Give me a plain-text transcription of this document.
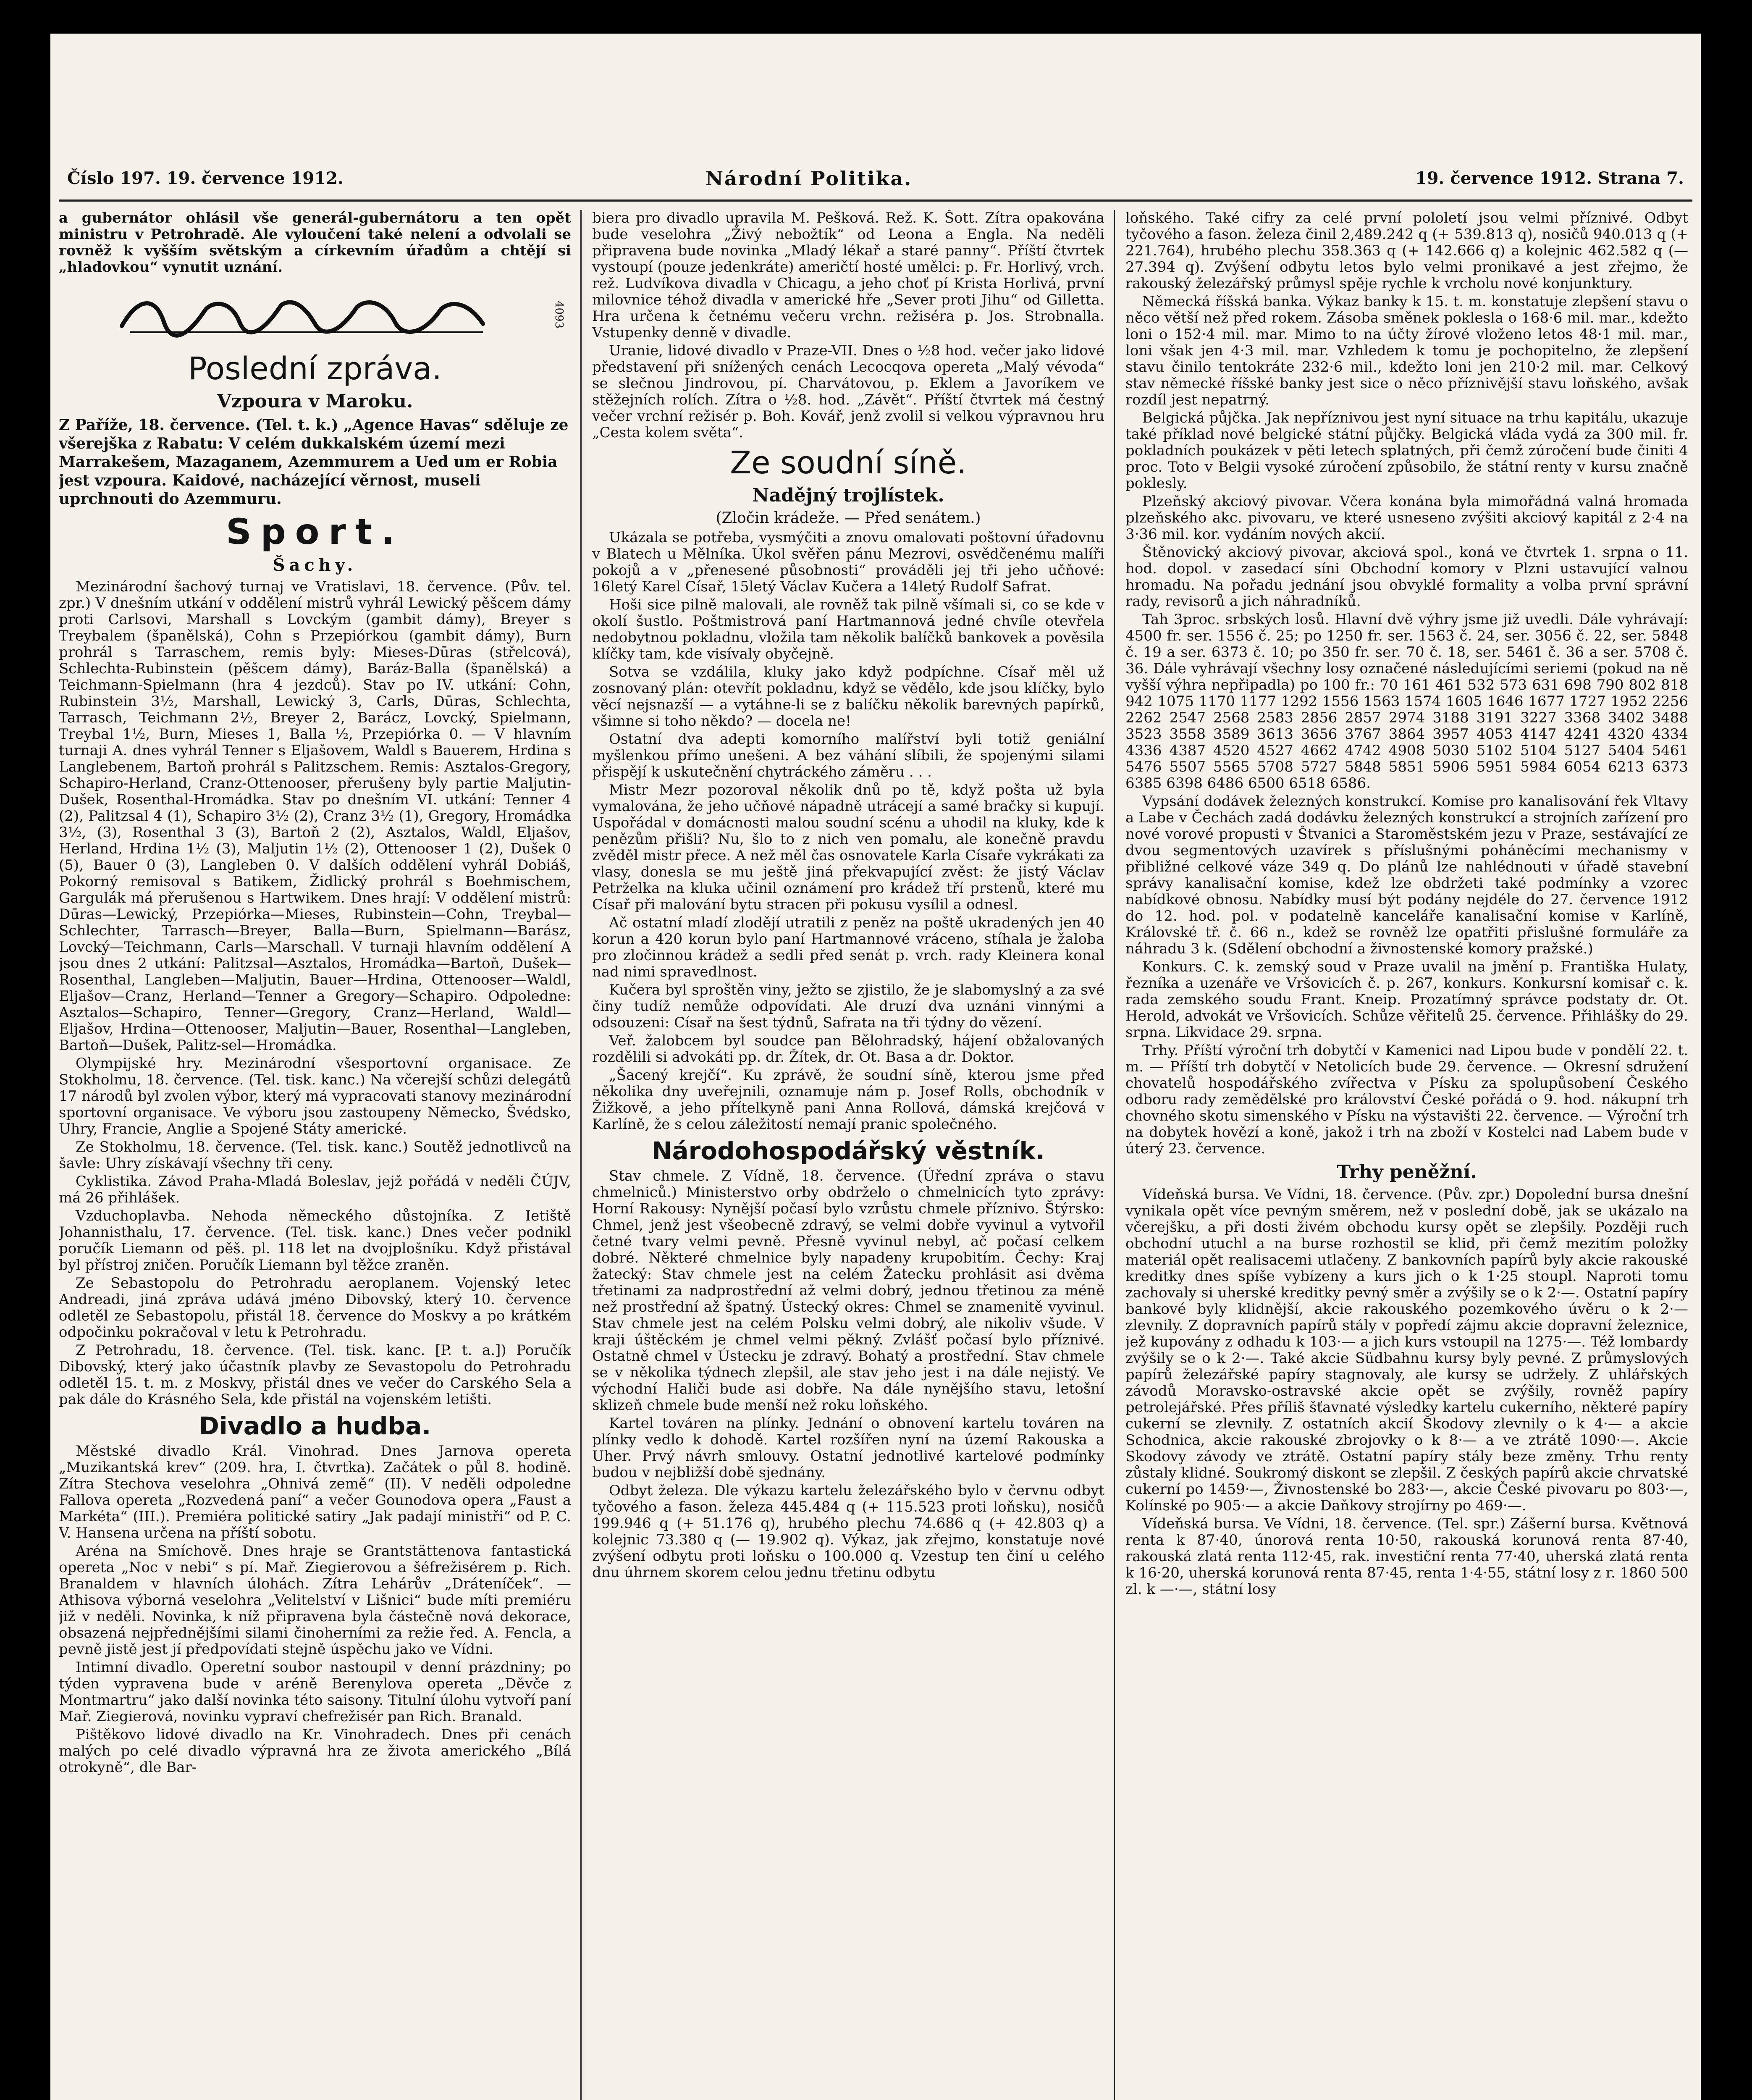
Číslo 197. 19. července 1912.	Národní Politika.	19. července 1912. Strana 7.

a gubernátor ohlásil vše generál-gubernátoru a ten opět ministru v Petrohradě. Ale vyloučení také nelení a odvolali se rovněž k vyšším světským a církevním úřadům a chtějí si „hladovkou“ vynutit uznání.

4093
Poslední zpráva.
Vzpoura v Maroku.

Z Paříže, 18. července. (Tel. t. k.) „Agence Havas“ sděluje ze všerejška z Rabatu: V celém dukkalském území mezi Marrakešem, Mazaganem, Azemmurem a Ued um er Robia jest vzpoura. Kaidové, nacházející věrnost, museli uprchnouti do Azemmuru.

Sport.
Šachy.

Mezinárodní šachový turnaj ve Vratislavi, 18. července. (Pův. tel. zpr.) V dnešním utkání v oddělení mistrů vyhrál Lewický pěšcem dámy proti Carlsovi, Marshall s Lovckým (gambit dámy), Breyer s Treybalem (španělská), Cohn s Przepiórkou (gambit dámy), Burn prohrál s Tarraschem, remis byly: Mieses-Dūras (střelcová), Schlechta-Rubinstein (pěšcem dámy), Baráz-Balla (španělská) a Teichmann-Spielmann (hra 4 jezdců). Stav po IV. utkání: Cohn, Rubinstein 3½, Marshall, Lewický 3, Carls, Dūras, Schlechta, Tarrasch, Teichmann 2½, Breyer 2, Barácz, Lovcký, Spielmann, Treybal 1½, Burn, Mieses 1, Balla ½, Przepiórka 0. — V hlavním turnaji A. dnes vyhrál Tenner s Eljašovem, Waldl s Bauerem, Hrdina s Langlebenem, Bartoň prohrál s Palitzschem. Remis: Asztalos-Gregory, Schapiro-Herland, Cranz-Ottenooser, přerušeny byly partie Maljutin-Dušek, Rosenthal-Hromádka. Stav po dnešním VI. utkání: Tenner 4 (2), Palitzsal 4 (1), Schapiro 3½ (2), Cranz 3½ (1), Gregory, Hromádka 3½, (3), Rosenthal 3 (3), Bartoň 2 (2), Asztalos, Waldl, Eljašov, Herland, Hrdina 1½ (3), Maljutin 1½ (2), Ottenooser 1 (2), Dušek 0 (5), Bauer 0 (3), Langleben 0. V dalších oddělení vyhrál Dobiáš, Pokorný remisoval s Batikem, Židlický prohrál s Boehmischem, Gargulák má přerušenou s Hartwikem. Dnes hrají: V oddělení mistrů: Dūras—Lewický, Przepiórka—Mieses, Rubinstein—Cohn, Treybal—Schlechter, Tarrasch—Breyer, Balla—Burn, Spielmann—Barász, Lovcký—Teichmann, Carls—Marschall. V turnaji hlavním oddělení A jsou dnes 2 utkání: Palitzsal—Asztalos, Hromádka—Bartoň, Dušek—Rosenthal, Langleben—Maljutin, Bauer—Hrdina, Ottenooser—Waldl, Eljašov—Cranz, Herland—Tenner a Gregory—Schapiro. Odpoledne: Asztalos—Schapiro, Tenner—Gregory, Cranz—Herland, Waldl—Eljašov, Hrdina—Ottenooser, Maljutin—Bauer, Rosenthal—Langleben, Bartoň—Dušek, Palitz-sel—Hromádka.

Olympijské hry. Mezinárodní všesportovní organisace. Ze Stokholmu, 18. července. (Tel. tisk. kanc.) Na včerejší schůzi delegátů 17 národů byl zvolen výbor, který má vypracovati stanovy mezinárodní sportovní organisace. Ve výboru jsou zastoupeny Německo, Švédsko, Uhry, Francie, Anglie a Spojené Státy americké.

Ze Stokholmu, 18. července. (Tel. tisk. kanc.) Soutěž jednotlivců na šavle: Uhry získávají všechny tři ceny.

Cyklistika. Závod Praha-Mladá Boleslav, jejž pořádá v neděli ČÚJV, má 26 přihlášek.

Vzduchoplavba. Nehoda německého důstojníka. Z Ietiště Johannisthalu, 17. července. (Tel. tisk. kanc.) Dnes večer podnikl poručík Liemann od pěš. pl. 118 let na dvojplošníku. Když přistával byl přístroj zničen. Poručík Liemann byl těžce zraněn.

Ze Sebastopolu do Petrohradu aeroplanem. Vojenský letec Andreadi, jiná zpráva udává jméno Dibovský, který 10. července odletěl ze Sebastopolu, přistál 18. července do Moskvy a po krátkém odpočinku pokračoval v letu k Petrohradu.

Z Petrohradu, 18. července. (Tel. tisk. kanc. [P. t. a.]) Poručík Dibovský, který jako účastník plavby ze Sevastopolu do Petrohradu odletěl 15. t. m. z Moskvy, přistál dnes ve večer do Carského Sela a pak dále do Krásného Sela, kde přistál na vojenském letišti.

Divadlo a hudba.

Městské divadlo Král. Vinohrad. Dnes Jarnova opereta „Muzikantská krev“ (209. hra, I. čtvrtka). Začátek o půl 8. hodině. Zítra Stechova veselohra „Ohnivá země“ (II). V neděli odpoledne Fallova opereta „Rozvedená paní“ a večer Gounodova opera „Faust a Markéta“ (III.). Premiéra politické satiry „Jak padají ministři“ od P. C. V. Hansena určena na příští sobotu.

Aréna na Smíchově. Dnes hraje se Grantstättenova fantastická opereta „Noc v nebi“ s pí. Mař. Ziegierovou a šéfrežisérem p. Rich. Branaldem v hlavních úlohách. Zítra Lehárův „Dráteníček“. — Athisova výborná veselohra „Velitelství v Lišnici“ bude míti premiéru již v neděli. Novinka, k níž připravena byla částečně nová dekorace, obsazená nejpřednějšími silami činoherními za režie řed. A. Fencla, a pevně jistě jest jí předpovídati stejně úspěchu jako ve Vídni.

Intimní divadlo. Operetní soubor nastoupil v denní prázdniny; po týden vypravena bude v aréně Berenylova opereta „Děvče z Montmartru“ jako další novinka této saisony. Titulní úlohu vytvoří paní Mař. Ziegierová, novinku vypraví chefrežisér pan Rich. Branald.

Pištěkovo lidové divadlo na Kr. Vinohradech. Dnes při cenách malých po celé divadlo výpravná hra ze života amerického „Bílá otrokyně“, dle Bar-

biera pro divadlo upravila M. Pešková. Rež. K. Šott. Zítra opakována bude veselohra „Živý nebožtík“ od Leona a Engla. Na neděli připravena bude novinka „Mladý lékař a staré panny“. Příští čtvrtek vystoupí (pouze jedenkráte) američtí hosté umělci: p. Fr. Horlivý, vrch. rež. Ludvíkova divadla v Chicagu, a jeho choť pí Krista Horlivá, první milovnice téhož divadla v americké hře „Sever proti Jihu“ od Gilletta. Hra určena k četnému večeru vrchn. režiséra p. Jos. Strobnalla. Vstupenky denně v divadle.

Uranie, lidové divadlo v Praze-VII. Dnes o ½8 hod. večer jako lidové představení při snížených cenách Lecocqova opereta „Malý vévoda“ se slečnou Jindrovou, pí. Charvátovou, p. Eklem a Javoríkem ve stěžejních rolích. Zítra o ½8. hod. „Závět“. Příští čtvrtek má čestný večer vrchní režisér p. Boh. Kovář, jenž zvolil si velkou výpravnou hru „Cesta kolem světa“.

Ze soudní síně.
Nadějný trojlístek.
(Zločin krádeže. — Před senátem.)

Ukázala se potřeba, vysmýčiti a znovu omalovati poštovní úřadovnu v Blatech u Mělníka. Úkol svěřen pánu Mezrovi, osvědčenému malíři pokojů a v „přenesené působnosti“ prováděli jej tři jeho učňové: 16letý Karel Císař, 15letý Václav Kučera a 14letý Rudolf Safrat.

Hoši sice pilně malovali, ale rovněž tak pilně všímali si, co se kde v okolí šustlo. Poštmistrová paní Hartmannová jedné chvíle otevřela nedobytnou pokladnu, vložila tam několik balíčků bankovek a pověsila klíčky tam, kde visívaly obyčejně.

Sotva se vzdálila, kluky jako když podpíchne. Císař měl už zosnovaný plán: otevřít pokladnu, když se vědělo, kde jsou klíčky, bylo věcí nejsnazší — a vytáhne-li se z balíčku několik barevných papírků, všimne si toho někdo? — docela ne!

Ostatní dva adepti komorního malířství byli totiž geniální myšlenkou přímo unešeni. A bez váhání slíbili, že spojenými silami přispějí k uskutečnění chytráckého záměru . . .

Mistr Mezr pozoroval několik dnů po tě, když pošta už byla vymalována, že jeho učňové nápadně utrácejí a samé bračky si kupují. Uspořádal v domácnosti malou soudní scénu a uhodil na kluky, kde k penězům přišli? Nu, šlo to z nich ven pomalu, ale konečně pravdu zvěděl mistr přece. A než měl čas osnovatele Karla Císaře vykrákati za vlasy, donesla se mu ještě jiná překvapující zvěst: že jistý Václav Petrželka na kluka učinil oznámení pro krádež tří prstenů, které mu Císař při malování bytu stracen při pokusu vysílil a odnesl.

Ač ostatní mladí zlodějí utratili z peněz na poště ukradených jen 40 korun a 420 korun bylo paní Hartmannové vráceno, stíhala je žaloba pro zločinnou krádež a sedli před senát p. vrch. rady Kleinera konal nad nimi spravedlnost.

Kučera byl sproštěn viny, ježto se zjistilo, že je slabomyslný a za své činy tudíž nemůže odpovídati. Ale druzí dva uznáni vinnými a odsouzeni: Císař na šest týdnů, Safrata na tři týdny do vězení.

Veř. žalobcem byl soudce pan Bělohradský, hájení obžalovaných rozdělili si advokáti pp. dr. Žítek, dr. Ot. Basa a dr. Doktor.

„Šacený krejčí“. Ku zprávě, že soudní síně, kterou jsme před několika dny uveřejnili, oznamuje nám p. Josef Rolls, obchodník v Žižkově, a jeho přítelkyně pani Anna Rollová, dámská krejčová v Karlíně, že s celou záležitostí nemají pranic společného.

Národohospodářský věstník.

Stav chmele. Z Vídně, 18. července. (Úřední zpráva o stavu chmelniců.) Ministerstvo orby obdrželo o chmelnicích tyto zprávy: Horní Rakousy: Nynější počasí bylo vzrůstu chmele příznivo. Štýrsko: Chmel, jenž jest všeobecně zdravý, se velmi dobře vyvinul a vytvořil četné tvary velmi pevně. Přesně vyvinul nebyl, ač počasí celkem dobré. Některé chmelnice byly napadeny krupobitím. Čechy: Kraj žatecký: Stav chmele jest na celém Žatecku prohlásit asi dvěma třetinami za nadprostřední až velmi dobrý, jednou třetinou za méně než prostřední až špatný. Ústecký okres: Chmel se znamenitě vyvinul. Stav chmele jest na celém Polsku velmi dobrý, ale nikoliv všude. V kraji úštěckém je chmel velmi pěkný. Zvlášť počasí bylo příznivé. Ostatně chmel v Ústecku je zdravý. Bohatý a prostřední. Stav chmele se v několika týdnech zlepšil, ale stav jeho jest i na dále nejistý. Ve východní Haliči bude asi dobře. Na dále nynějšího stavu, letošní sklizeň chmele bude menší než roku loňského.

Kartel továren na plínky. Jednání o obnovení kartelu továren na plínky vedlo k dohodě. Kartel rozšířen nyní na území Rakouska a Uher. Prvý návrh smlouvy. Ostatní jednotlivé kartelové podmínky budou v nejbližší době sjednány.

Odbyt železa. Dle výkazu kartelu železářského bylo v červnu odbyt tyčového a fason. železa 445.484 q (+ 115.523 proti loňsku), nosičů 199.946 q (+ 51.176 q), hrubého plechu 74.686 q (+ 42.803 q) a kolejnic 73.380 q (— 19.902 q). Výkaz, jak zřejmo, konstatuje nové zvýšení odbytu proti loňsku o 100.000 q. Vzestup ten činí u celého dnu úhrnem skorem celou jednu třetinu odbytu

loňského. Také cifry za celé první pololetí jsou velmi příznivé. Odbyt tyčového a fason. železa činil 2,489.242 q (+ 539.813 q), nosičů 940.013 q (+ 221.764), hrubého plechu 358.363 q (+ 142.666 q) a kolejnic 462.582 q (— 27.394 q). Zvýšení odbytu letos bylo velmi pronikavé a jest zřejmo, že rakouský železářský průmysl spěje rychle k vrcholu nové konjunktury.

Německá říšská banka. Výkaz banky k 15. t. m. konstatuje zlepšení stavu o něco větší než před rokem. Zásoba směnek poklesla o 168·6 mil. mar., kdežto loni o 152·4 mil. mar. Mimo to na účty žírové vloženo letos 48·1 mil. mar., loni však jen 4·3 mil. mar. Vzhledem k tomu je pochopitelno, že zlepšení stavu činilo tentokráte 232·6 mil., kdežto loni jen 210·2 mil. mar. Celkový stav německé říšské banky jest sice o něco příznivější stavu loňského, avšak rozdíl jest nepatrný.

Belgická půjčka. Jak nepříznivou jest nyní situace na trhu kapitálu, ukazuje také příklad nové belgické státní půjčky. Belgická vláda vydá za 300 mil. fr. pokladních poukázek v pěti letech splatných, při čemž zúročení bude činiti 4 proc. Toto v Belgii vysoké zúročení způsobilo, že státní renty v kursu značně poklesly.

Plzeňský akciový pivovar. Včera konána byla mimořádná valná hromada plzeňského akc. pivovaru, ve které usneseno zvýšiti akciový kapitál z 2·4 na 3·36 mil. kor. vydáním nových akcií.

Štěnovický akciový pivovar, akciová spol., koná ve čtvrtek 1. srpna o 11. hod. dopol. v zasedací síni Obchodní komory v Plzni ustavující valnou hromadu. Na pořadu jednání jsou obvyklé formality a volba první správní rady, revisorů a jich náhradníků.

Tah 3proc. srbských losů. Hlavní dvě výhry jsme již uvedli. Dále vyhrávají: 4500 fr. ser. 1556 č. 25; po 1250 fr. ser. 1563 č. 24, ser. 3056 č. 22, ser. 5848 č. 19 a ser. 6373 č. 10; po 350 fr. ser. 70 č. 18, ser. 5461 č. 36 a ser. 5708 č. 36. Dále vyhrávají všechny losy označené následujícími seriemi (pokud na ně vyšší výhra nepřipadla) po 100 fr.: 70 161 461 532 573 631 698 790 802 818 942 1075 1170 1177 1292 1556 1563 1574 1605 1646 1677 1727 1952 2256 2262 2547 2568 2583 2856 2857 2974 3188 3191 3227 3368 3402 3488 3523 3558 3589 3613 3656 3767 3864 3957 4053 4147 4241 4320 4334 4336 4387 4520 4527 4662 4742 4908 5030 5102 5104 5127 5404 5461 5476 5507 5565 5708 5727 5848 5851 5906 5951 5984 6054 6213 6373 6385 6398 6486 6500 6518 6586.

Vypsání dodávek železných konstrukcí. Komise pro kanalisování řek Vltavy a Labe v Čechách zadá dodávku železných konstrukcí a strojních zařízení pro nové vorové propusti v Štvanici a Staroměstském jezu v Praze, sestávající ze dvou segmentových uzavírek s příslušnými poháněcími mechanismy v přibližné celkové váze 349 q. Do plánů lze nahlédnouti v úřadě stavební správy kanalisační komise, kdež lze obdržeti také podmínky a vzorec nabídkové obnosu. Nabídky musí být podány nejdéle do 27. července 1912 do 12. hod. pol. v podatelně kanceláře kanalisační komise v Karlíně, Královské tř. č. 66 n., kdež se rovněž lze opatřiti přislušné formuláře za náhradu 3 k. (Sdělení obchodní a živnostenské komory pražské.)

Konkurs. C. k. zemský soud v Praze uvalil na jmění p. Františka Hulaty, řezníka a uzenáře ve Vršovicích č. p. 267, konkurs. Konkursní komisař c. k. rada zemského soudu Frant. Kneip. Prozatímný správce podstaty dr. Ot. Herold, advokát ve Vršovicích. Schůze věřitelů 25. července. Přihlášky do 29. srpna. Likvidace 29. srpna.

Trhy. Příští výroční trh dobytčí v Kamenici nad Lipou bude v pondělí 22. t. m. — Příští trh dobytčí v Netolicích bude 29. července. — Okresní sdružení chovatelů hospodářského zvířectva v Písku za spolupůsobení Českého odboru rady zemědělské pro království České pořádá o 9. hod. nákupní trh chovného skotu simenského v Písku na výstavišti 22. července. — Výroční trh na dobytek hovězí a koně, jakož i trh na zboží v Kostelci nad Labem bude v úterý 23. července.

Trhy peněžní.

Vídeňská bursa. Ve Vídni, 18. července. (Pův. zpr.) Dopolední bursa dnešní vynikala opět více pevným směrem, než v poslední době, jak se ukázalo na včerejšku, a při dosti živém obchodu kursy opět se zlepšily. Později ruch obchodní utuchl a na burse rozhostil se klid, při čemž mezitím položky materiál opět realisacemi utlačeny. Z bankovních papírů byly akcie rakouské kreditky dnes spíše vybízeny a kurs jich o k 1·25 stoupl. Naproti tomu zachovaly si uherské kreditky pevný směr a zvýšily se o k 2·—. Ostatní papíry bankové byly klidnější, akcie rakouského pozemkového úvěru o k 2·— zlevnily. Z dopravních papírů stály v popředí zájmu akcie dopravní železnice, jež kupovány z odhadu k 103·— a jich kurs vstoupil na 1275·—. Též lombardy zvýšily se o k 2·—. Také akcie Südbahnu kursy byly pevné. Z průmyslových papírů železářské papíry stagnovaly, ale kursy se udržely. Z uhlářských závodů Moravsko-ostravské akcie opět se zvýšily, rovněž papíry petrolejářské. Přes příliš šťavnaté výsledky kartelu cukerního, některé papíry cukerní se zlevnily. Z ostatních akcií Škodovy zlevnily o k 4·— a akcie Schodnica, akcie rakouské zbrojovky o k 8·— a ve ztrátě 1090·—. Akcie Skodovy závody ve ztrátě. Ostatní papíry stály beze změny. Trhu renty zůstaly klidné. Soukromý diskont se zlepšil. Z českých papírů akcie chrvatské cukerní po 1459·—, Živnostenské bo 283·—, akcie České pivovaru po 803·—, Kolínské po 905·— a akcie Daňkovy strojírny po 469·—.

Vídeňská bursa. Ve Vídni, 18. července. (Tel. spr.) Zášerní bursa. Květnová renta k 87·40, únorová renta 10·50, rakouská korunová renta 87·40, rakouská zlatá renta 112·45, rak. investiční renta 77·40, uherská zlatá renta k 16·20, uherská korunová renta 87·45, renta 1·4·55, státní losy z r. 1860 500 zl. k —·—, státní losy
